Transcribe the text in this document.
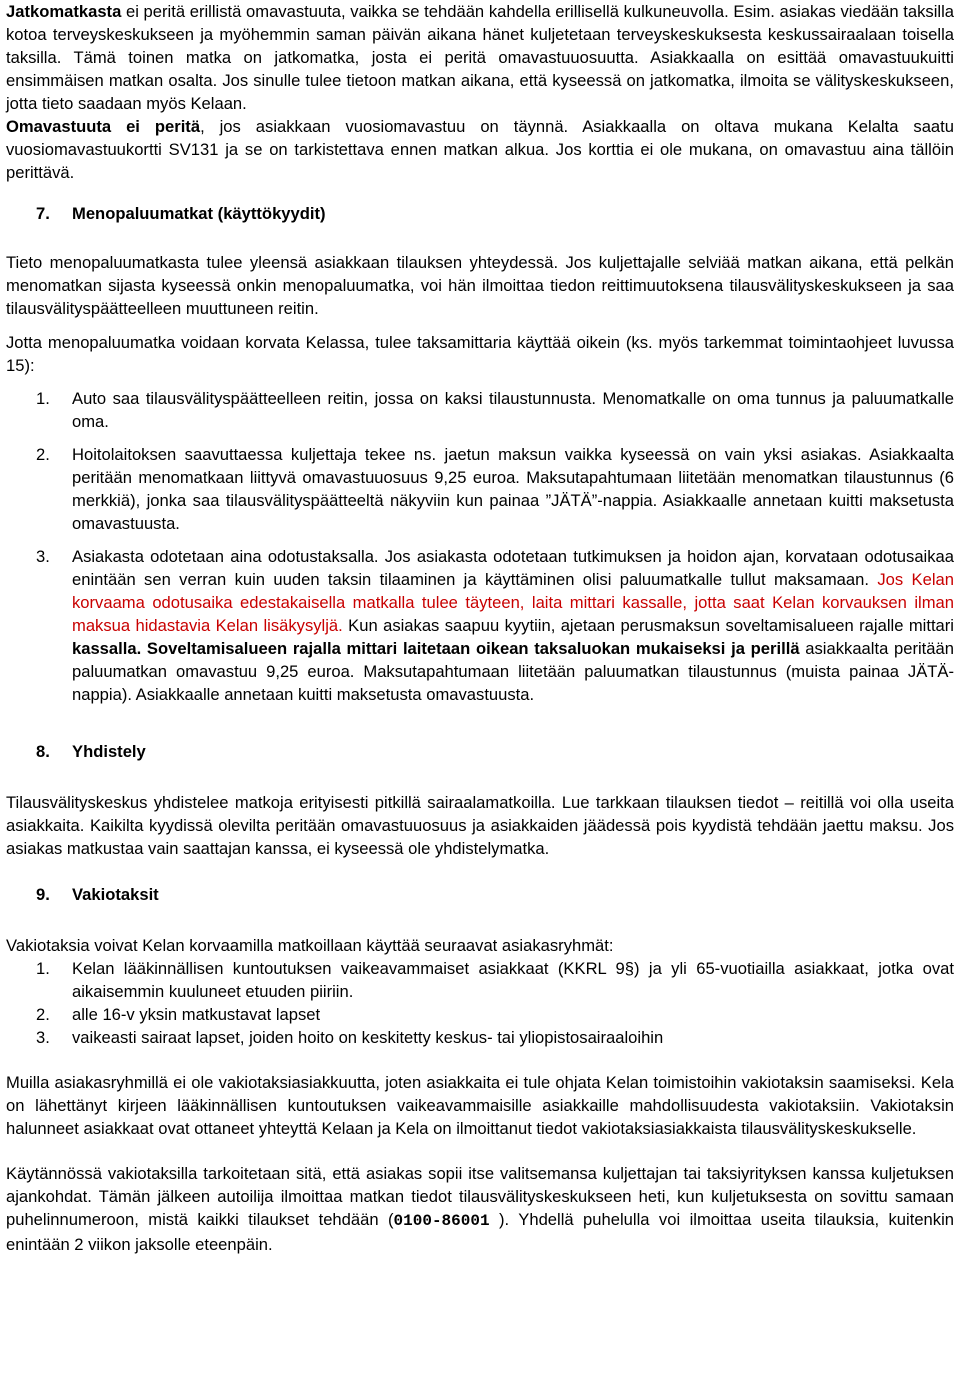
Jatkomatkasta ei peritä erillistä omavastuuta, vaikka se tehdään kahdella erillisellä kulkuneuvolla. Esim. asiakas viedään taksilla kotoa terveyskeskukseen ja myöhemmin saman päivän aikana hänet kuljetetaan terveyskeskuksesta keskussairaalaan toisella taksilla. Tämä toinen matka on jatkomatka, josta ei peritä omavastuuosuutta. Asiakkaalla on esittää omavastuukuitti ensimmäisen matkan osalta. Jos sinulle tulee tietoon matkan aikana, että kyseessä on jatkomatka, ilmoita se välityskeskukseen, jotta tieto saadaan myös Kelaan.

Omavastuuta ei peritä, jos asiakkaan vuosiomavastuu on täynnä. Asiakkaalla on oltava mukana Kelalta saatu vuosiomavastuukortti SV131 ja se on tarkistettava ennen matkan alkua. Jos korttia ei ole mukana, on omavastuu aina tällöin perittävä.

7.	Menopaluumatkat (käyttökyydit)

Tieto menopaluumatkasta tulee yleensä asiakkaan tilauksen yhteydessä. Jos kuljettajalle selviää matkan aikana, että pelkän menomatkan sijasta kyseessä onkin menopaluumatka, voi hän ilmoittaa tiedon reittimuutoksena tilausvälityskeskukseen ja saa tilausvälityspäätteelleen muuttuneen reitin.

Jotta menopaluumatka voidaan korvata Kelassa, tulee taksamittaria käyttää oikein (ks. myös tarkemmat toimintaohjeet luvussa 15):

1.	Auto saa tilausvälityspäätteelleen reitin, jossa on kaksi tilaustunnusta. Menomatkalle on oma tunnus ja paluumatkalle oma.
2.	Hoitolaitoksen saavuttaessa kuljettaja tekee ns. jaetun maksun vaikka kyseessä on vain yksi asiakas. Asiakkaalta peritään menomatkaan liittyvä omavastuuosuus 9,25 euroa. Maksutapahtumaan liitetään menomatkan tilaustunnus (6 merkkiä), jonka saa tilausvälityspäätteeltä näkyviin kun painaa ”JÄTÄ”-nappia. Asiakkaalle annetaan kuitti maksetusta omavastuusta.
3.	Asiakasta odotetaan aina odotustaksalla. Jos asiakasta odotetaan tutkimuksen ja hoidon ajan, korvataan odotusaikaa enintään sen verran kuin uuden taksin tilaaminen ja käyttäminen olisi paluumatkalle tullut maksamaan. Jos Kelan korvaama odotusaika edestakaisella matkalla tulee täyteen, laita mittari kassalle, jotta saat Kelan korvauksen ilman maksua hidastavia Kelan lisäkysyljä. Kun asiakas saapuu kyytiin, ajetaan perusmaksun soveltamisalueen rajalle mittari kassalla. Soveltamisalueen rajalla mittari laitetaan oikean taksaluokan mukaiseksi ja perillä asiakkaalta peritään paluumatkan omavastuu 9,25 euroa. Maksutapahtumaan liitetään paluumatkan tilaustunnus (muista painaa JÄTÄ-nappia). Asiakkaalle annetaan kuitti maksetusta omavastuusta.
8.	Yhdistely

Tilausvälityskeskus yhdistelee matkoja erityisesti pitkillä sairaalamatkoilla. Lue tarkkaan tilauksen tiedot – reitillä voi olla useita asiakkaita. Kaikilta kyydissä olevilta peritään omavastuuosuus ja asiakkaiden jäädessä pois kyydistä tehdään jaettu maksu. Jos asiakas matkustaa vain saattajan kanssa, ei kyseessä ole yhdistelymatka.

9.	Vakiotaksit

Vakiotaksia voivat Kelan korvaamilla matkoillaan käyttää seuraavat asiakasryhmät:

1.	Kelan lääkinnällisen kuntoutuksen vaikeavammaiset asiakkaat (KKRL 9§) ja yli 65-vuotiailla asiakkaat, jotka ovat aikaisemmin kuuluneet etuuden piiriin.
2.	alle 16-v yksin matkustavat lapset
3.	vaikeasti sairaat lapset, joiden hoito on keskitetty keskus- tai yliopistosairaaloihin

Muilla asiakasryhmillä ei ole vakiotaksiasiakkuutta, joten asiakkaita ei tule ohjata Kelan toimistoihin vakiotaksin saamiseksi. Kela on lähettänyt kirjeen lääkinnällisen kuntoutuksen vaikeavammaisille asiakkaille mahdollisuudesta vakiotaksiin. Vakiotaksin halunneet asiakkaat ovat ottaneet yhteyttä Kelaan ja Kela on ilmoittanut tiedot vakiotaksiasiakkaista tilausvälityskeskukselle.

Käytännössä vakiotaksilla tarkoitetaan sitä, että asiakas sopii itse valitsemansa kuljettajan tai taksiyrityksen kanssa kuljetuksen ajankohdat. Tämän jälkeen autoilija ilmoittaa matkan tiedot tilausvälityskeskukseen heti, kun kuljetuksesta on sovittu samaan puhelinnumeroon, mistä kaikki tilaukset tehdään (0100-86001 ). Yhdellä puhelulla voi ilmoittaa useita tilauksia, kuitenkin enintään 2 viikon jaksolle eteenpäin.
